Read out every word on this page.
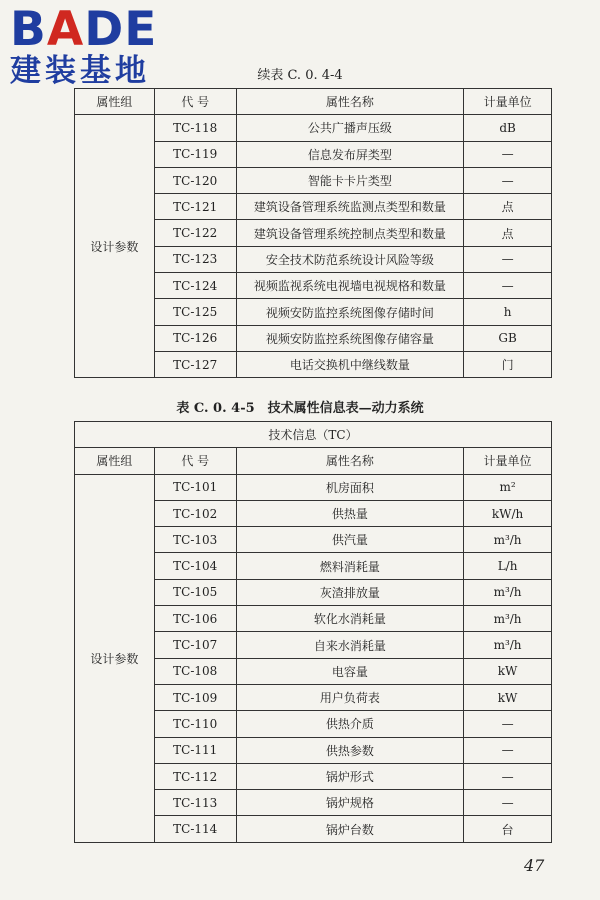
BADE
建装基地	续表 C. 0. 4-4
属性组	代 号	属性名称	计量单位
设计参数	TC-118	公共广播声压级	dB
	TC-119	信息发布屏类型	—
	TC-120	智能卡卡片类型	—
	TC-121	建筑设备管理系统监测点类型和数量	点
	TC-122	建筑设备管理系统控制点类型和数量	点
	TC-123	安全技术防范系统设计风险等级	—
	TC-124	视频监视系统电视墙电视规格和数量	—
	TC-125	视频安防监控系统图像存储时间	h
	TC-126	视频安防监控系统图像存储容量	GB
	TC-127	电话交换机中继线数量	门
表 C. 0. 4-5　技术属性信息表—动力系统
技术信息（TC）			
属性组	代 号	属性名称	计量单位
设计参数	TC-101	机房面积	m²
	TC-102	供热量	kW/h
	TC-103	供汽量	m³/h
	TC-104	燃料消耗量	L/h
	TC-105	灰渣排放量	m³/h
	TC-106	软化水消耗量	m³/h
	TC-107	自来水消耗量	m³/h
	TC-108	电容量	kW
	TC-109	用户负荷表	kW
	TC-110	供热介质	—
	TC-111	供热参数	—
	TC-112	锅炉形式	—
	TC-113	锅炉规格	—
	TC-114	锅炉台数	台
47
